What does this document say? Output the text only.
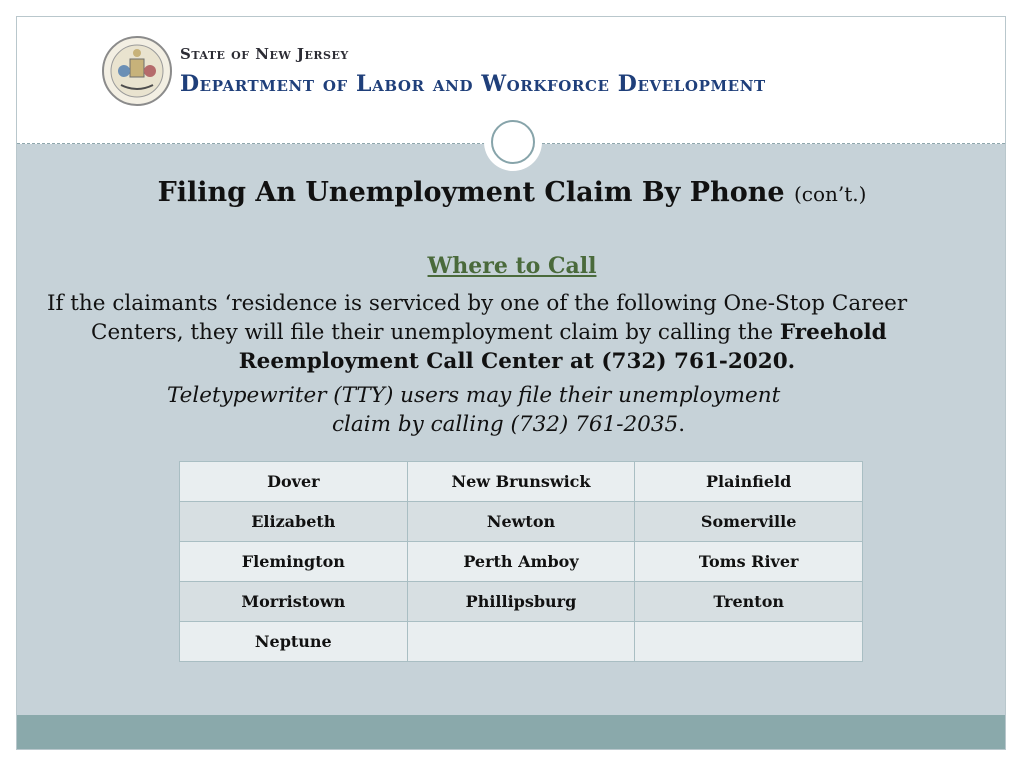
State of New Jersey
Department of Labor and Workforce Development
Filing An Unemployment Claim By Phone (con’t.)
Where to Call
If the claimants ‘residence is serviced by one of the following One-Stop Career
Centers, they will file their unemployment claim by calling the Freehold
Reemployment Call Center at (732) 761-2020.
Teletypewriter (TTY) users may file their unemployment
claim by calling (732) 761-2035.
Dover	New Brunswick	Plainfield
Elizabeth	Newton	Somerville
Flemington	Perth Amboy	Toms River
Morristown	Phillipsburg	Trenton
Neptune		
